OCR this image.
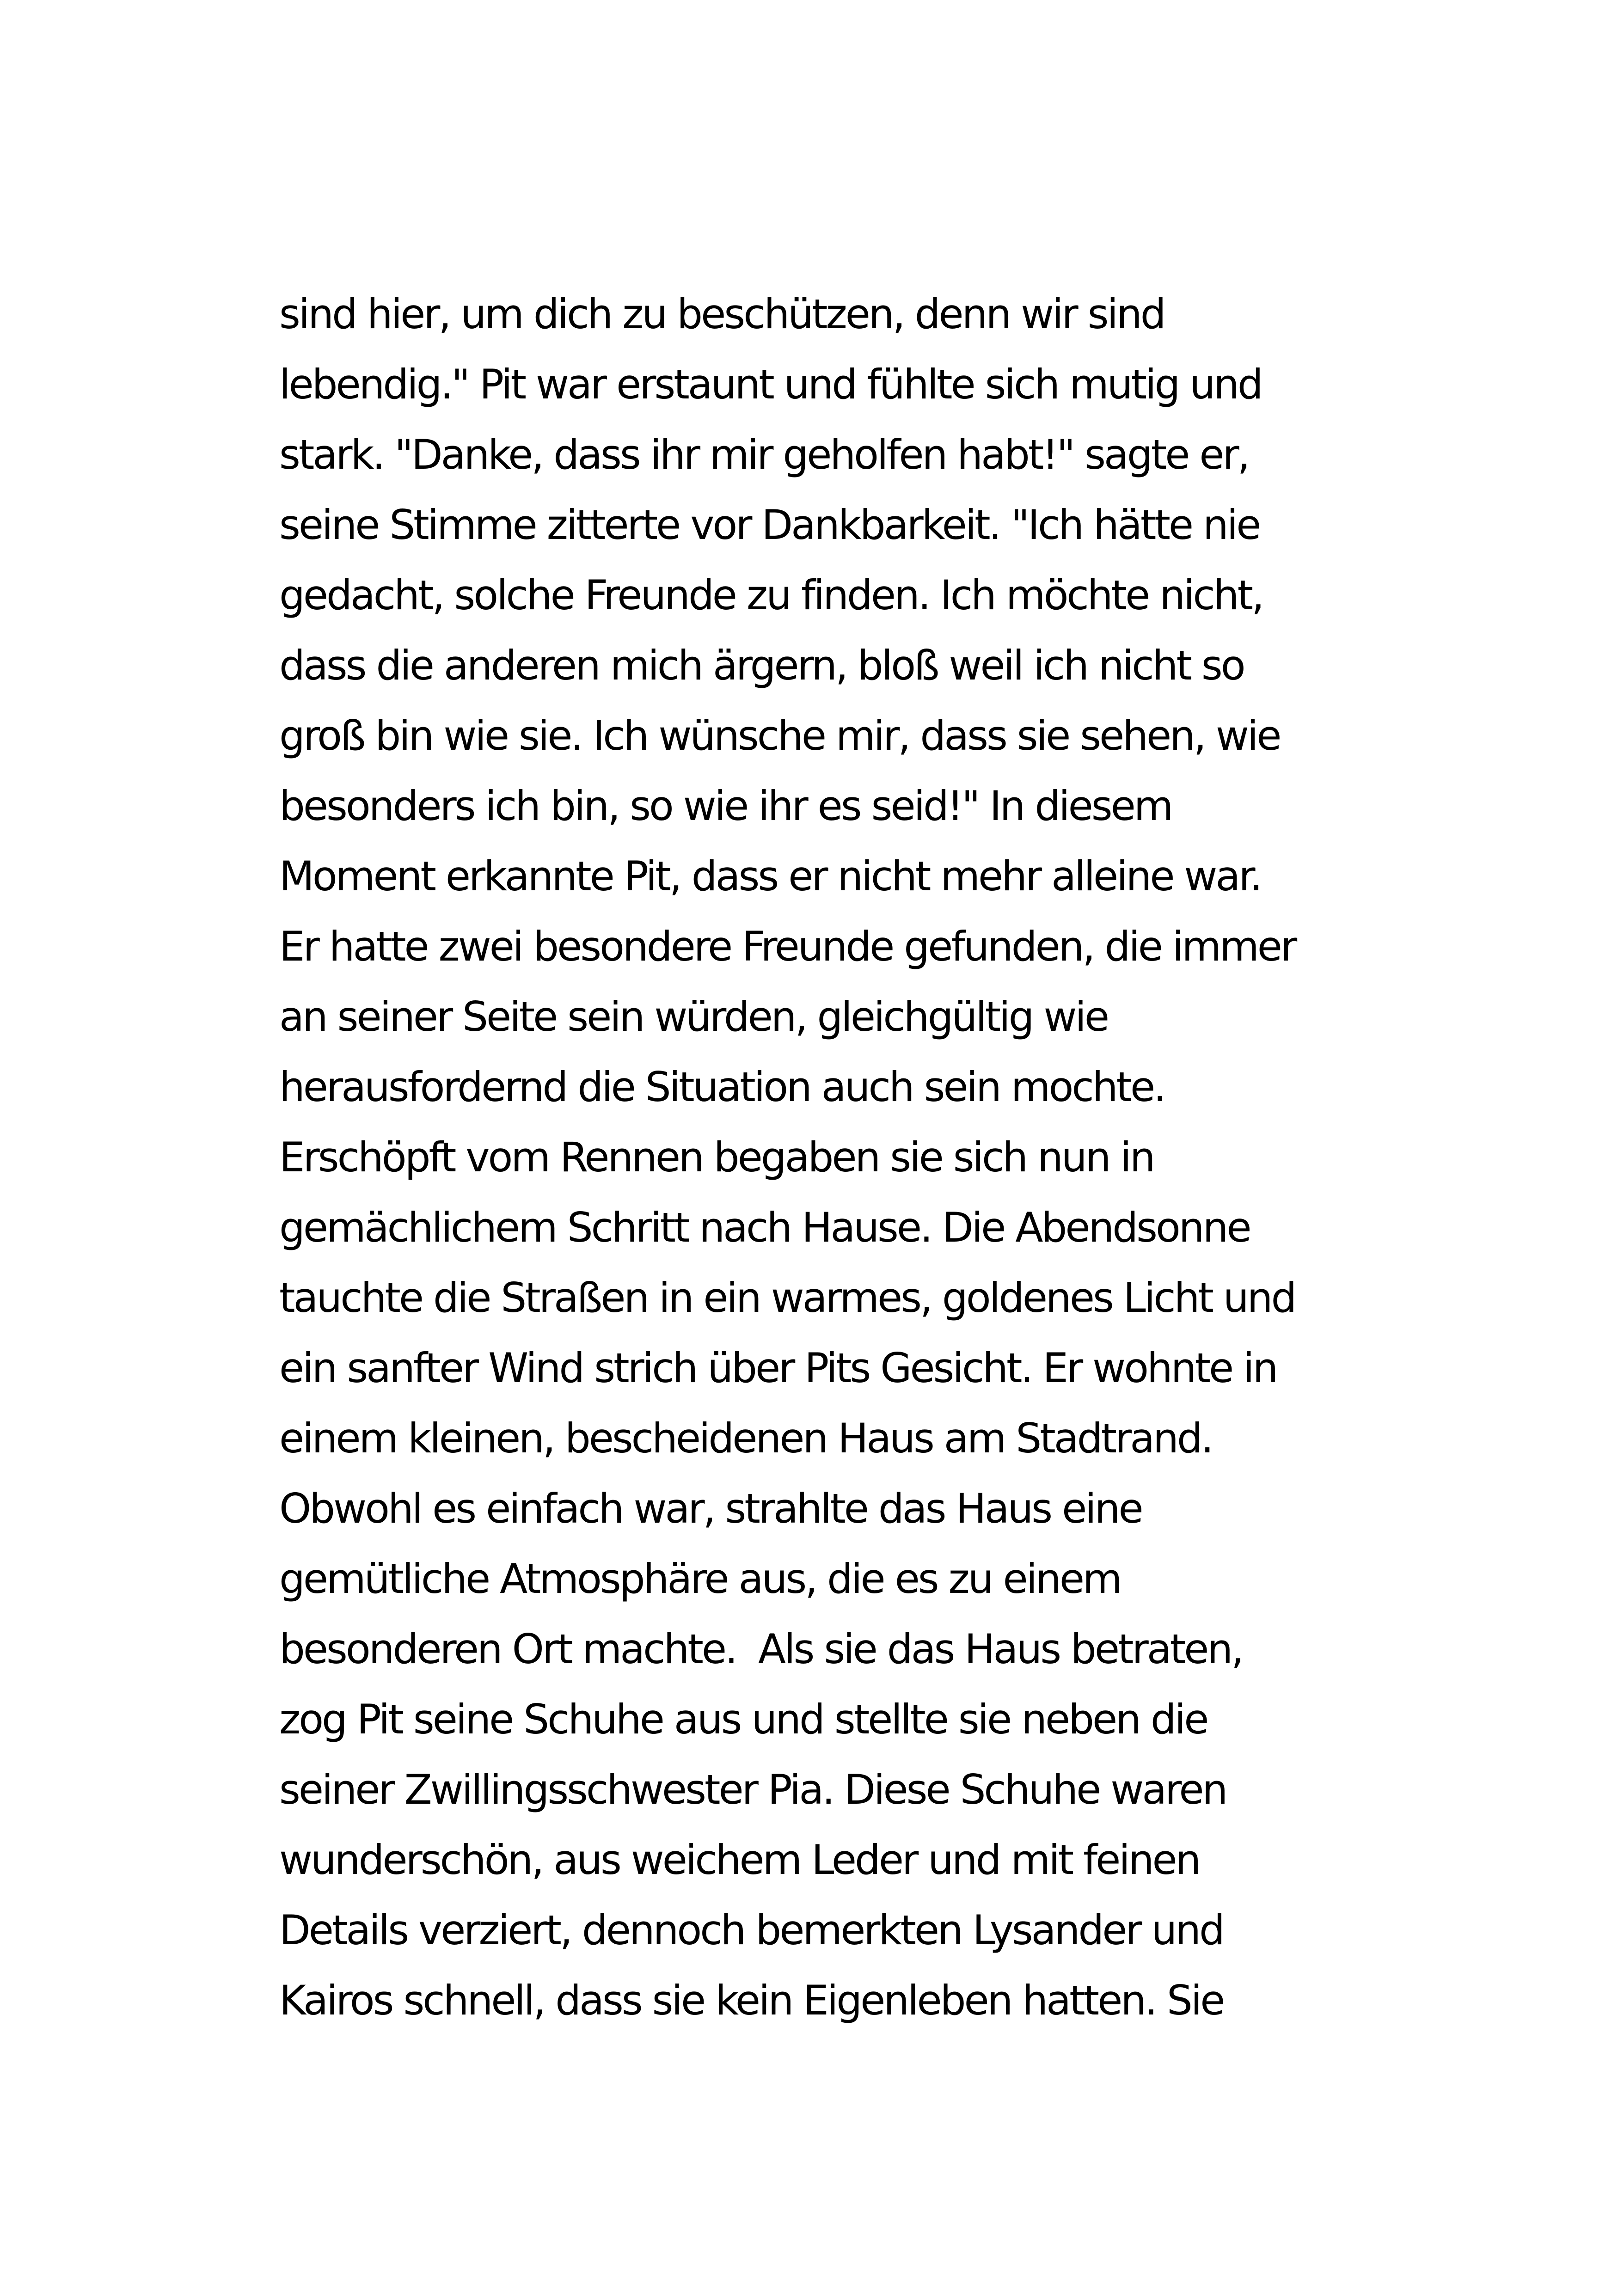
sind hier, um dich zu beschützen, denn wir sind
lebendig." Pit war erstaunt und fühlte sich mutig und
stark. "Danke, dass ihr mir geholfen habt!" sagte er,
seine Stimme zitterte vor Dankbarkeit. "Ich hätte nie
gedacht, solche Freunde zu finden. Ich möchte nicht,
dass die anderen mich ärgern, bloß weil ich nicht so
groß bin wie sie. Ich wünsche mir, dass sie sehen, wie
besonders ich bin, so wie ihr es seid!" In diesem
Moment erkannte Pit, dass er nicht mehr alleine war.
Er hatte zwei besondere Freunde gefunden, die immer
an seiner Seite sein würden, gleichgültig wie
herausfordernd die Situation auch sein mochte.
Erschöpft vom Rennen begaben sie sich nun in
gemächlichem Schritt nach Hause. Die Abendsonne
tauchte die Straßen in ein warmes, goldenes Licht und
ein sanfter Wind strich über Pits Gesicht. Er wohnte in
einem kleinen, bescheidenen Haus am Stadtrand.
Obwohl es einfach war, strahlte das Haus eine
gemütliche Atmosphäre aus, die es zu einem
besonderen Ort machte.  Als sie das Haus betraten,
zog Pit seine Schuhe aus und stellte sie neben die
seiner Zwillingsschwester Pia. Diese Schuhe waren
wunderschön, aus weichem Leder und mit feinen
Details verziert, dennoch bemerkten Lysander und
Kairos schnell, dass sie kein Eigenleben hatten. Sie
